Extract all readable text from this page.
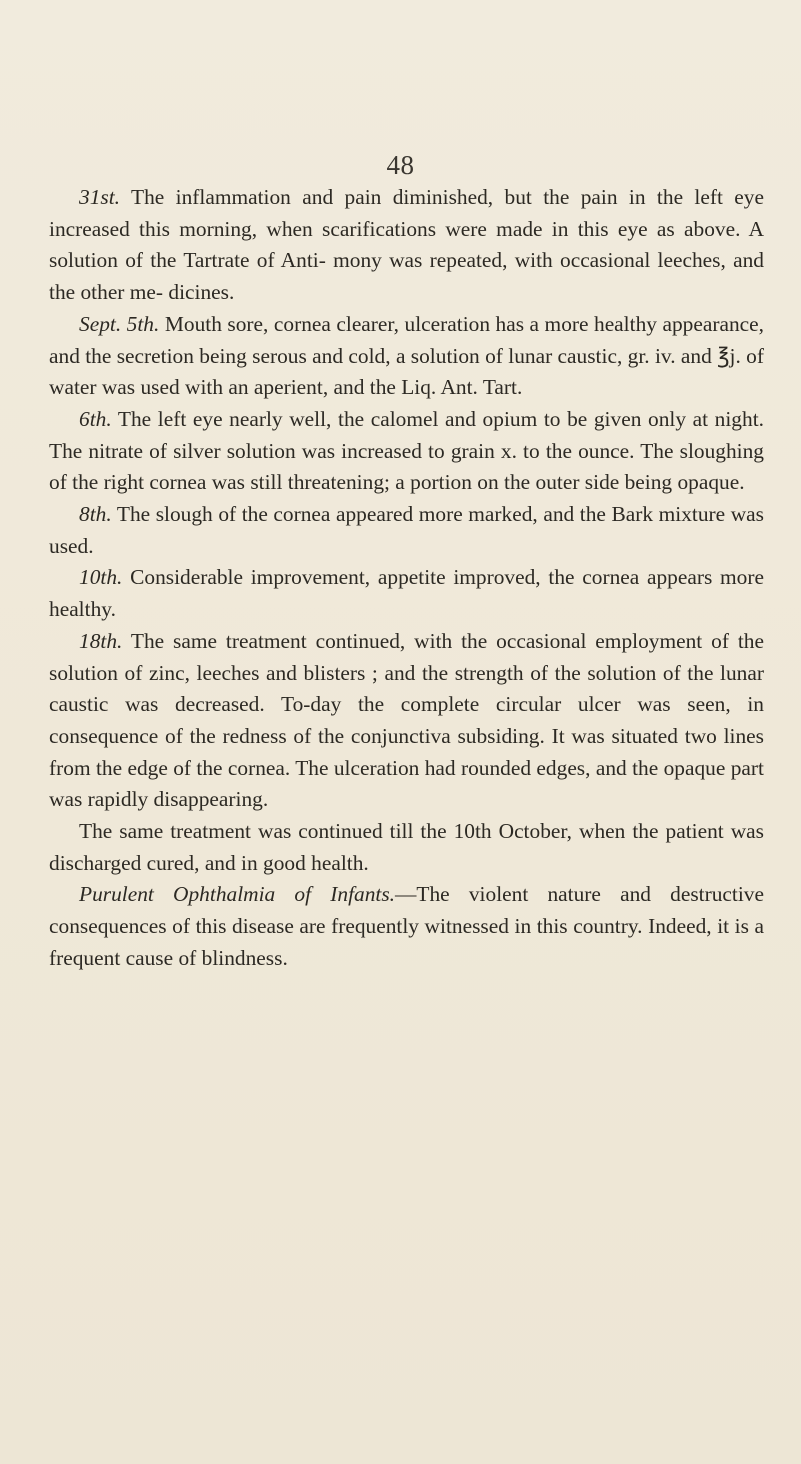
48

31st. The inflammation and pain diminished, but the pain in the left eye increased this morning, when scarifications were made in this eye as above. A solution of the Tartrate of Anti- mony was repeated, with occasional leeches, and the other me- dicines.

Sept. 5th. Mouth sore, cornea clearer, ulceration has a more healthy appearance, and the secretion being serous and cold, a solution of lunar caustic, gr. iv. and ℥j. of water was used with an aperient, and the Liq. Ant. Tart.

6th. The left eye nearly well, the calomel and opium to be given only at night. The nitrate of silver solution was increased to grain x. to the ounce. The sloughing of the right cornea was still threatening; a portion on the outer side being opaque.

8th. The slough of the cornea appeared more marked, and the Bark mixture was used.

10th. Considerable improvement, appetite improved, the cornea appears more healthy.

18th. The same treatment continued, with the occasional employment of the solution of zinc, leeches and blisters ; and the strength of the solution of the lunar caustic was decreased. To-day the complete circular ulcer was seen, in consequence of the redness of the conjunctiva subsiding. It was situated two lines from the edge of the cornea. The ulceration had rounded edges, and the opaque part was rapidly disappearing.

The same treatment was continued till the 10th October, when the patient was discharged cured, and in good health.

Purulent Ophthalmia of Infants.—The violent nature and destructive consequences of this disease are frequently witnessed in this country. Indeed, it is a frequent cause of blindness.
